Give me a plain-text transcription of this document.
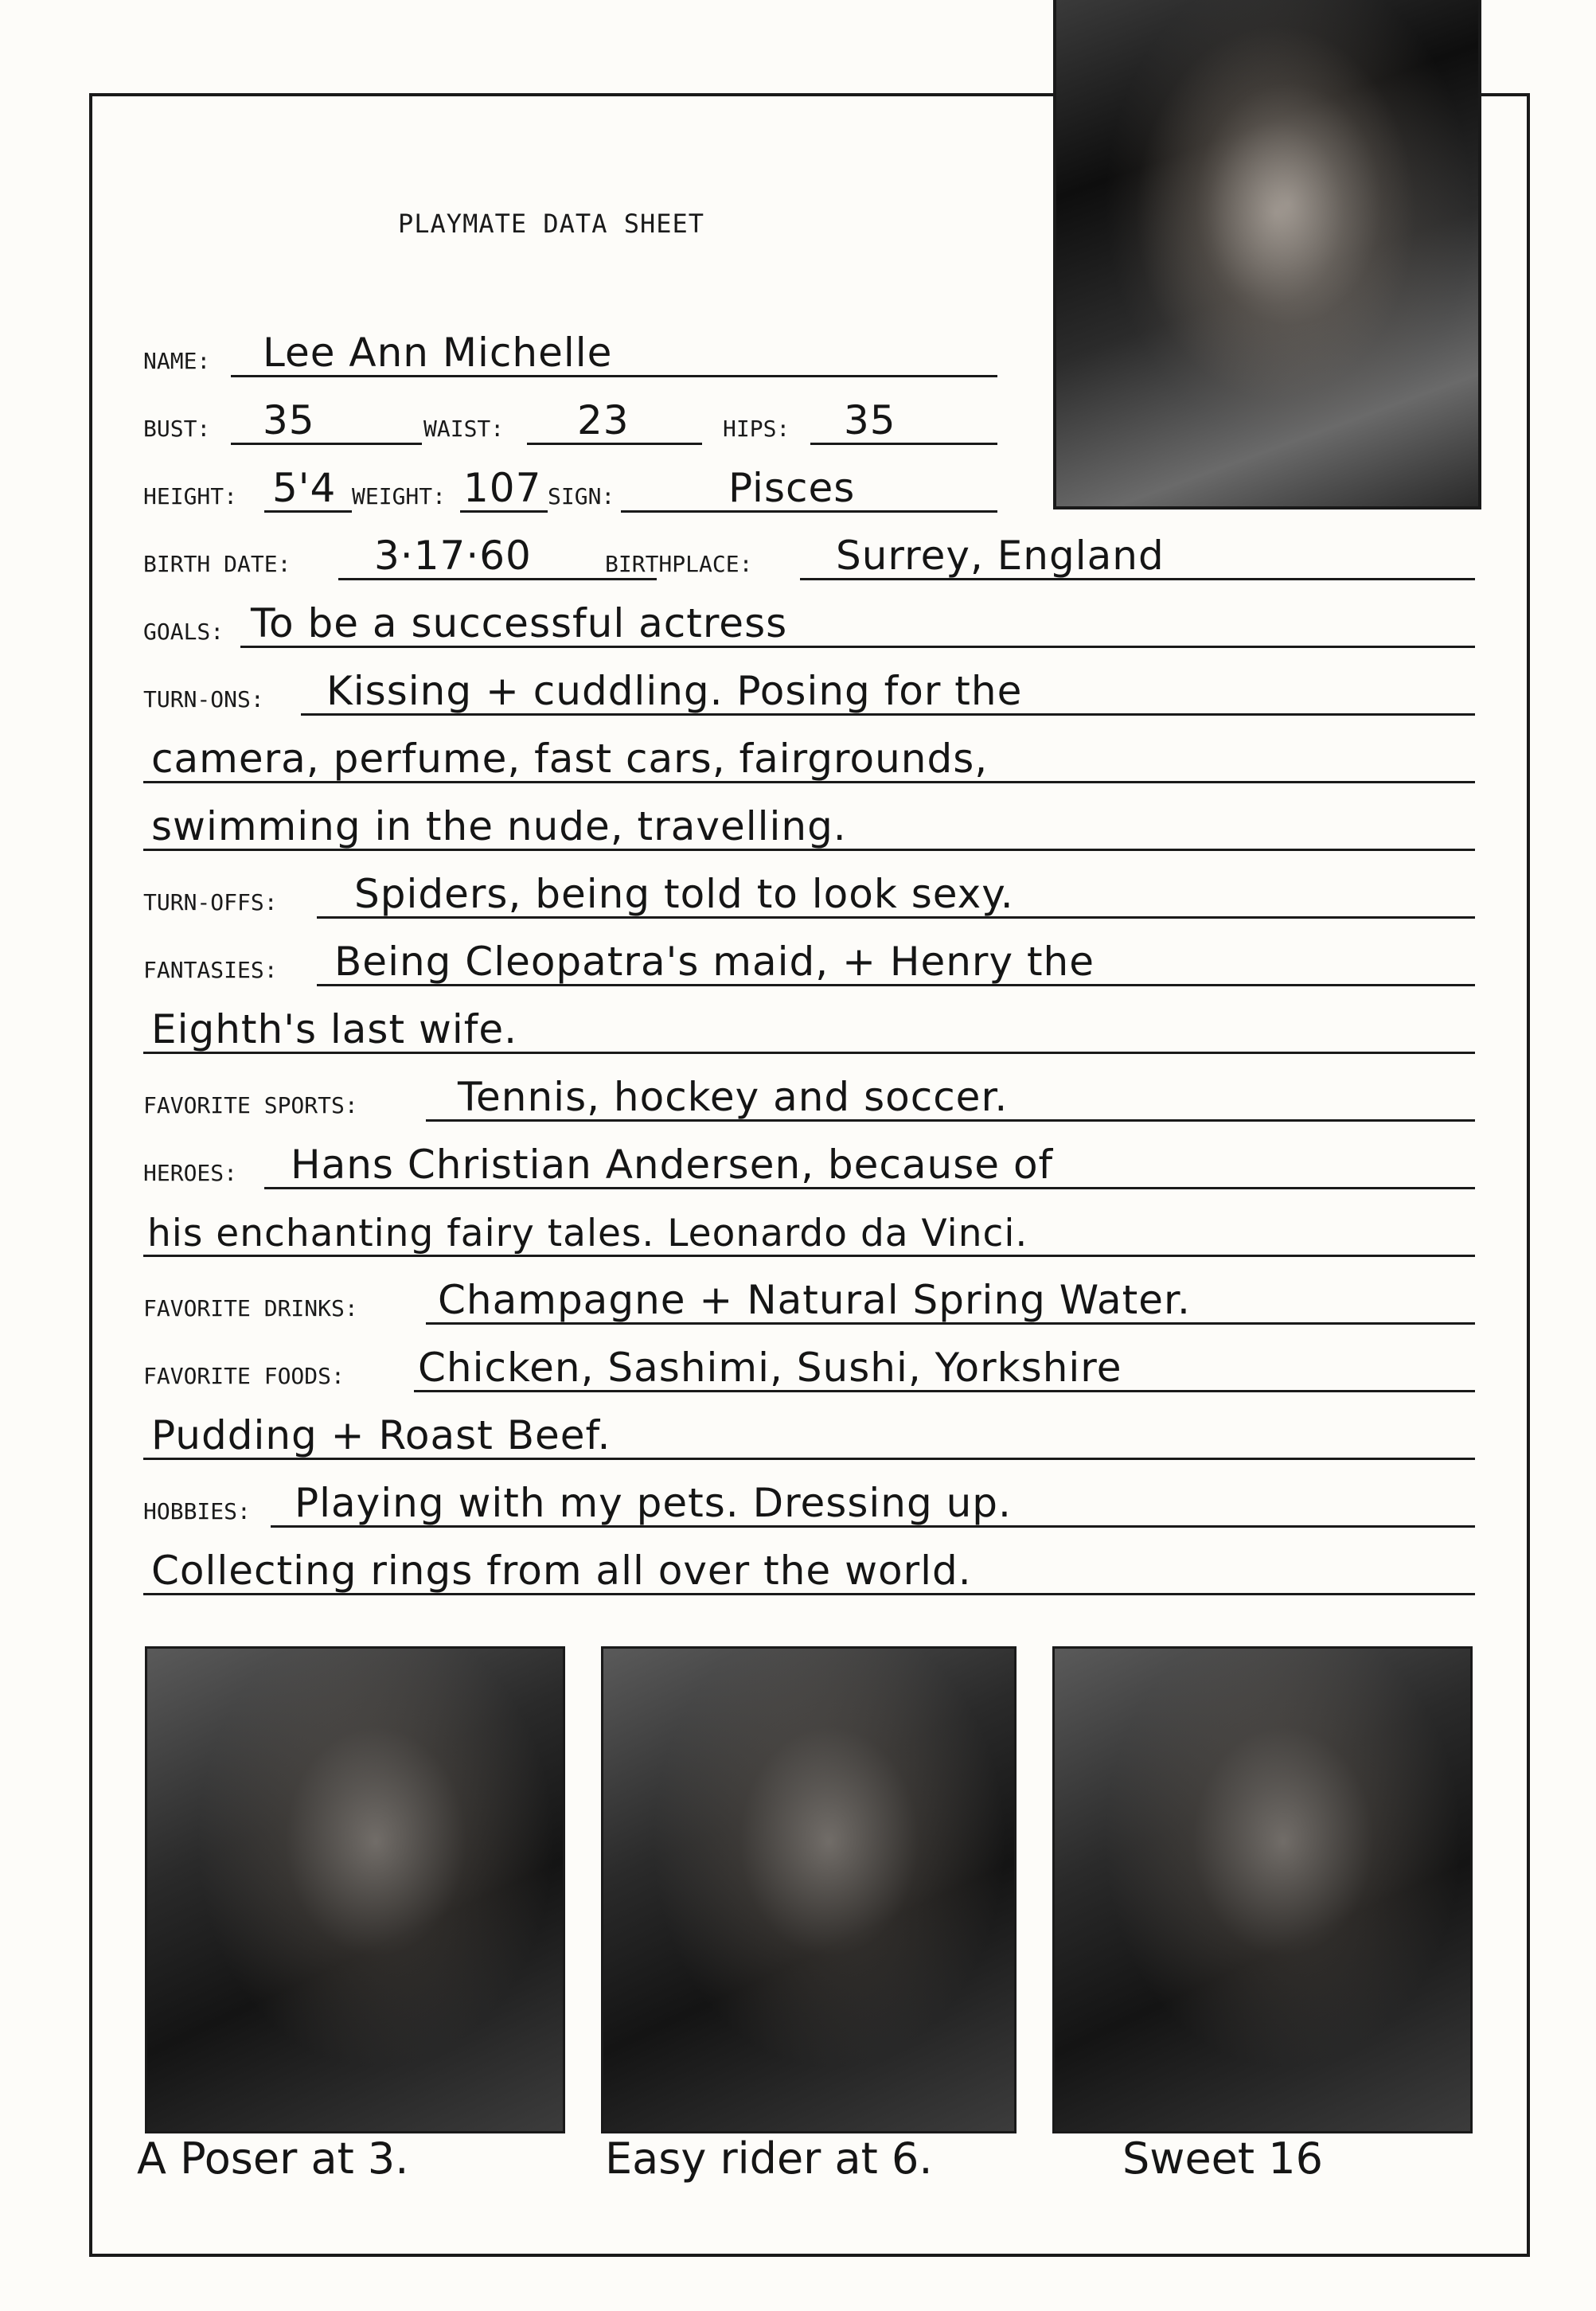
PLAYMATE DATA SHEET
NAME: Lee Ann Michelle
BUST: 35	WAIST: 23	HIPS: 35
HEIGHT: 5'4 WEIGHT: 107 SIGN:	Pisces
BIRTH DATE: 3·17·60	BIRTHPLACE: Surrey, England
GOALS: To be a successful actress
TURN-ONS: Kissing + cuddling. Posing for the
camera, perfume, fast cars, fairgrounds,
swimming in the nude, travelling.
TURN-OFFS: Spiders, being told to look sexy.
FANTASIES: Being Cleopatra's maid, + Henry the
Eighth's last wife.
FAVORITE SPORTS:	Tennis, hockey and soccer.
HEROES: Hans Christian Andersen, because of
his enchanting fairy tales. Leonardo da Vinci.
FAVORITE DRINKS: Champagne + Natural Spring Water.
FAVORITE FOODS: Chicken, Sashimi, Sushi, Yorkshire
Pudding + Roast Beef.
HOBBIES: Playing with my pets. Dressing up.
Collecting rings from all over the world.
A Poser at 3.	Easy rider at 6.	Sweet 16
